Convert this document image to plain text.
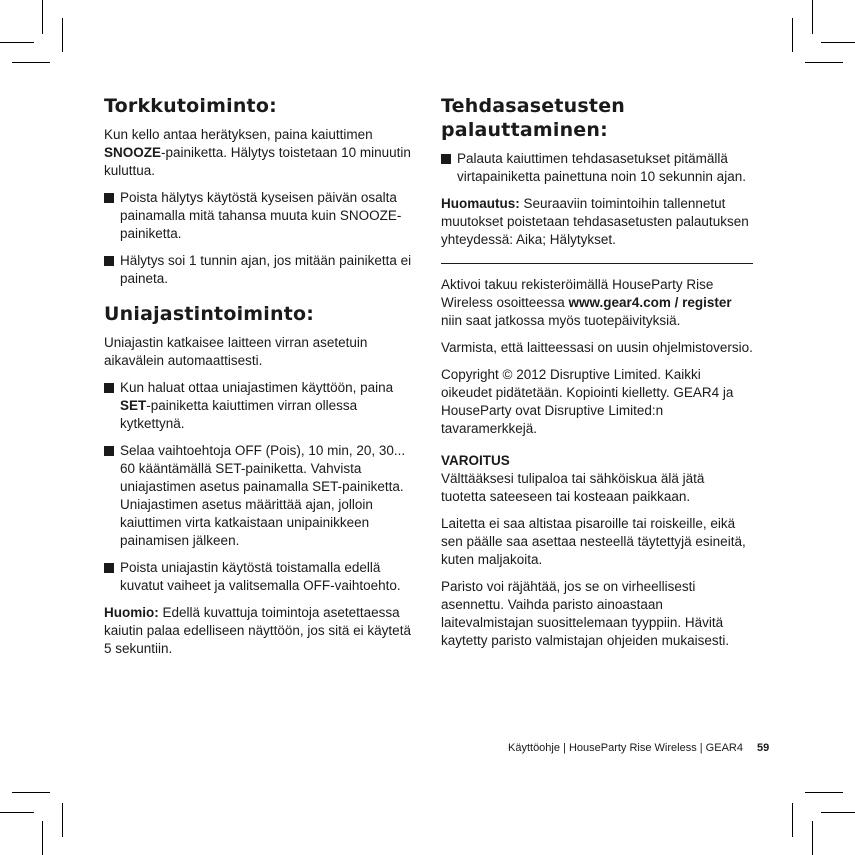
Torkkutoiminto:

Kun kello antaa herätyksen, paina kaiuttimen SNOOZE-painiketta. Hälytys toistetaan 10 minuutin kuluttua.

Poista hälytys käytöstä kyseisen päivän osalta painamalla mitä tahansa muuta kuin SNOOZE-painiketta.
Hälytys soi 1 tunnin ajan, jos mitään painiketta ei paineta.
Uniajastintoiminto:

Uniajastin katkaisee laitteen virran asetetuin aikavälein automaattisesti.

Kun haluat ottaa uniajastimen käyttöön, paina SET-painiketta kaiuttimen virran ollessa kytkettynä.
Selaa vaihtoehtoja OFF (Pois), 10 min, 20, 30... 60 kääntämällä SET-painiketta. Vahvista uniajastimen asetus painamalla SET-painiketta. Uniajastimen asetus määrittää ajan, jolloin kaiuttimen virta katkaistaan unipainikkeen painamisen jälkeen.
Poista uniajastin käytöstä toistamalla edellä kuvatut vaiheet ja valitsemalla OFF-vaihtoehto.

Huomio: Edellä kuvattuja toimintoja asetettaessa kaiutin palaa edelliseen näyttöön, jos sitä ei käytetä 5 sekuntiin.

Tehdasasetusten palauttaminen:
Palauta kaiuttimen tehdasasetukset pitämällä virtapainiketta painettuna noin 10 sekunnin ajan.

Huomautus: Seuraaviin toimintoihin tallennetut muutokset poistetaan tehdasasetusten palautuksen yhteydessä: Aika; Hälytykset.

Aktivoi takuu rekisteröimällä HouseParty Rise Wireless osoitteessa www.gear4.com / register niin saat jatkossa myös tuotepäivityksiä.

Varmista, että laitteessasi on uusin ohjelmistoversio.

Copyright © 2012 Disruptive Limited. Kaikki oikeudet pidätetään. Kopiointi kielletty. GEAR4 ja HouseParty ovat Disruptive Limited:n tavaramerkkejä.

VAROITUS

Välttääksesi tulipaloa tai sähköiskua älä jätä tuotetta sateeseen tai kosteaan paikkaan.

Laitetta ei saa altistaa pisaroille tai roiskeille, eikä sen päälle saa asettaa nesteellä täytettyjä esineitä, kuten maljakoita.

Paristo voi räjähtää, jos se on virheellisesti asennettu. Vaihda paristo ainoastaan laitevalmistajan suosittelemaan tyyppiin. Hävitä kaytetty paristo valmistajan ohjeiden mukaisesti.

Käyttöohje | HouseParty Rise Wireless | GEAR4 59
